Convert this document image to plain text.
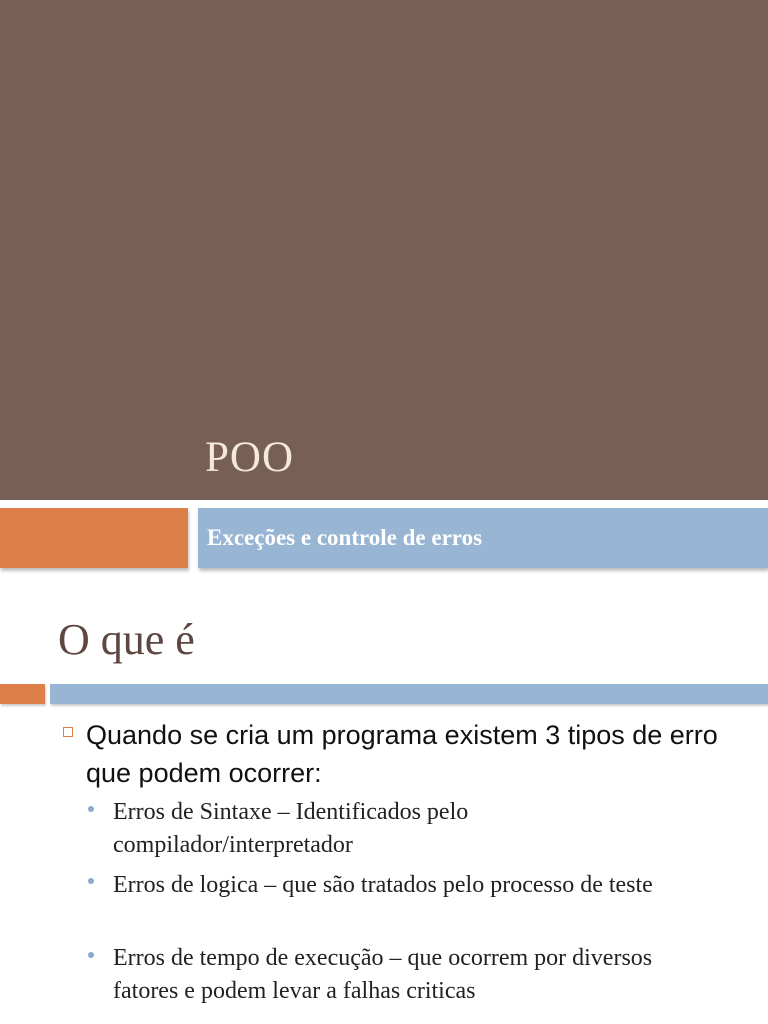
POO
Exceções e controle de erros
O que é
Quando se cria um programa existem 3 tipos de erro que podem ocorrer:
Erros de Sintaxe – Identificados pelo compilador/interpretador
Erros de logica – que são tratados pelo processo de teste
Erros de tempo de execução – que ocorrem por diversos fatores e podem levar a falhas criticas
